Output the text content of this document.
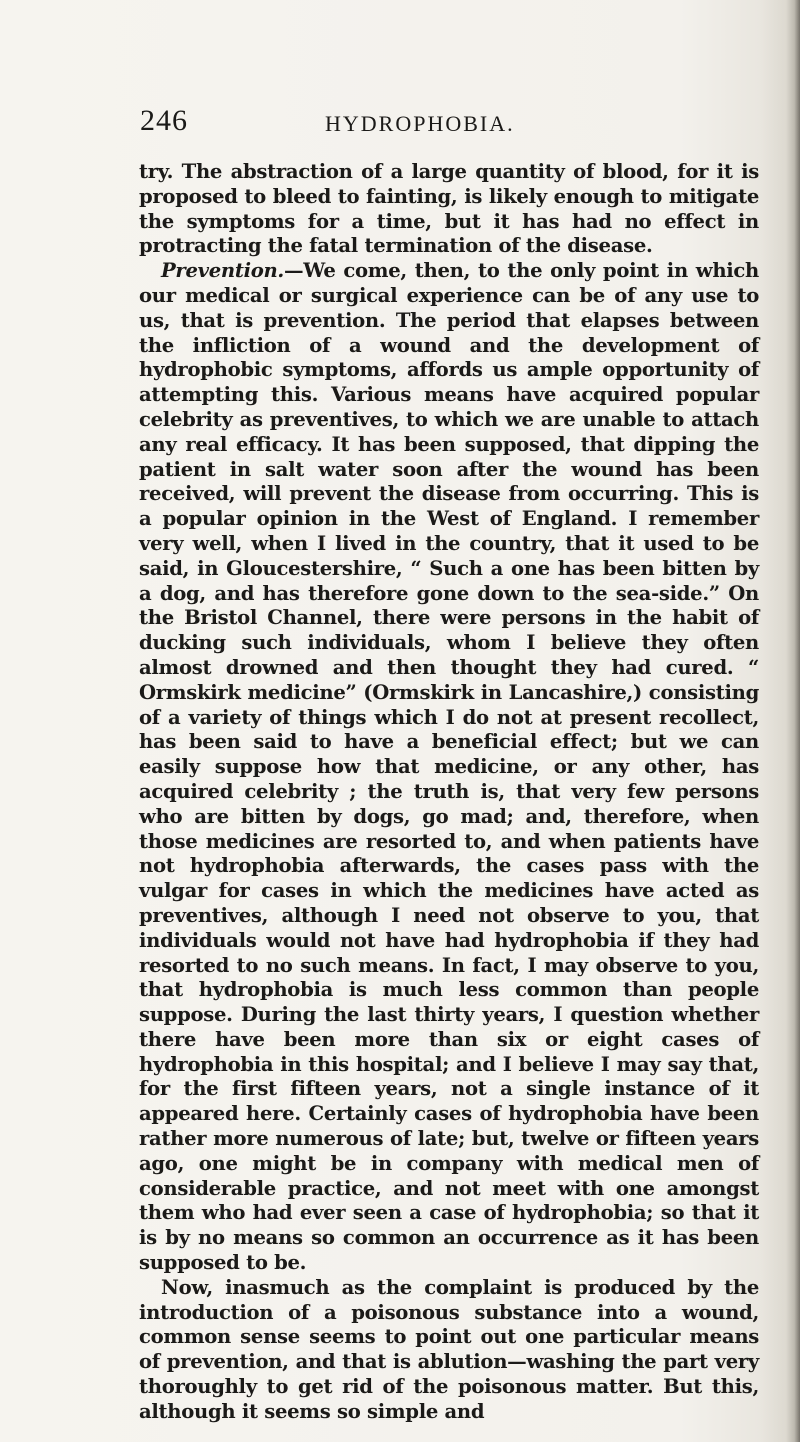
246	HYDROPHOBIA.

try. The abstraction of a large quantity of blood, for it is proposed to bleed to fainting, is likely enough to mitigate the symptoms for a time, but it has had no effect in protracting the fatal termination of the disease.

Prevention.—We come, then, to the only point in which our medical or surgical experience can be of any use to us, that is prevention. The period that elapses between the infliction of a wound and the development of hydrophobic symptoms, affords us ample opportunity of attempting this. Various means have acquired popular celebrity as preventives, to which we are unable to attach any real efficacy. It has been supposed, that dipping the patient in salt water soon after the wound has been received, will prevent the disease from occurring. This is a popular opinion in the West of England. I remember very well, when I lived in the country, that it used to be said, in Gloucestershire, “ Such a one has been bitten by a dog, and has therefore gone down to the sea-side.” On the Bristol Channel, there were persons in the habit of ducking such individuals, whom I believe they often almost drowned and then thought they had cured. “ Ormskirk medicine” (Ormskirk in Lancashire,) consisting of a variety of things which I do not at present recollect, has been said to have a beneficial effect; but we can easily suppose how that medicine, or any other, has acquired celebrity ; the truth is, that very few persons who are bitten by dogs, go mad; and, therefore, when those medicines are resorted to, and when patients have not hydrophobia afterwards, the cases pass with the vulgar for cases in which the medicines have acted as preventives, although I need not observe to you, that individuals would not have had hydrophobia if they had resorted to no such means. In fact, I may observe to you, that hydrophobia is much less common than people suppose. During the last thirty years, I question whether there have been more than six or eight cases of hydrophobia in this hospital; and I believe I may say that, for the first fifteen years, not a single instance of it appeared here. Certainly cases of hydrophobia have been rather more numerous of late; but, twelve or fifteen years ago, one might be in company with medical men of considerable practice, and not meet with one amongst them who had ever seen a case of hydrophobia; so that it is by no means so common an occurrence as it has been supposed to be.

Now, inasmuch as the complaint is produced by the introduction of a poisonous substance into a wound, common sense seems to point out one particular means of prevention, and that is ablution—washing the part very thoroughly to get rid of the poisonous matter. But this, although it seems so simple and
